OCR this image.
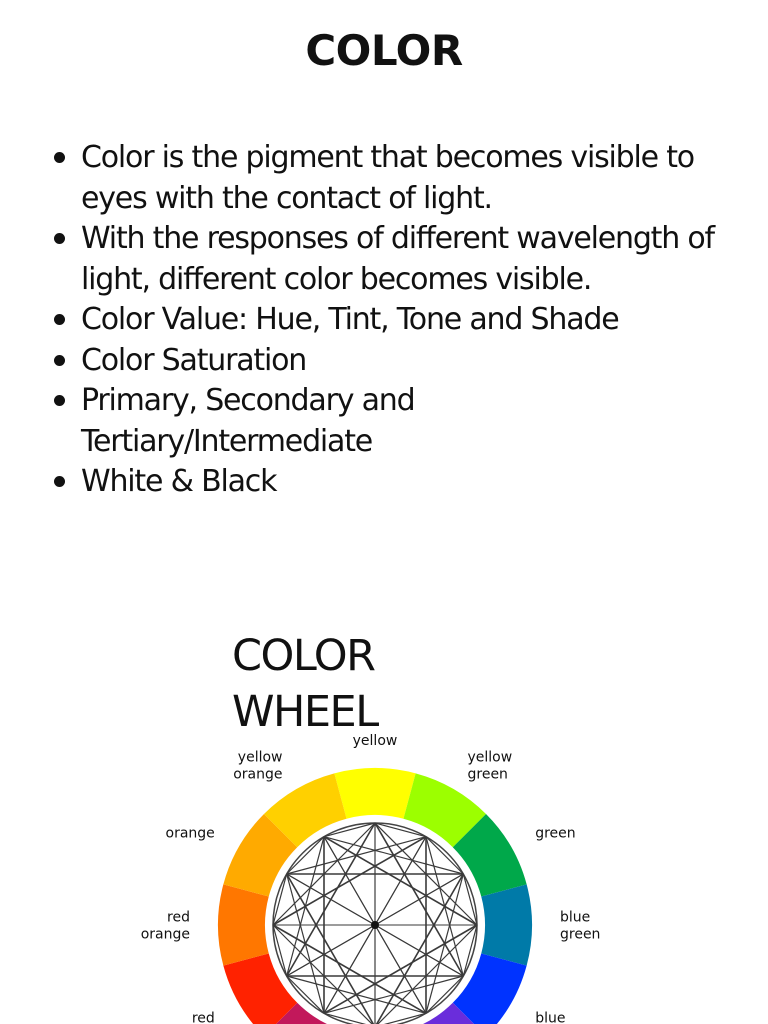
COLOR
Color is the pigment that becomes visible to eyes with the contact of light.
With the responses of different wavelength of light, different color becomes visible.
Color Value: Hue, Tint, Tone and Shade
Color Saturation
Primary, Secondary and Tertiary/Intermediate
White & Black
COLOR
WHEEL
yellow
yellow
green
green
blue
green
blue
red
red
orange
orange
yellow
orange
